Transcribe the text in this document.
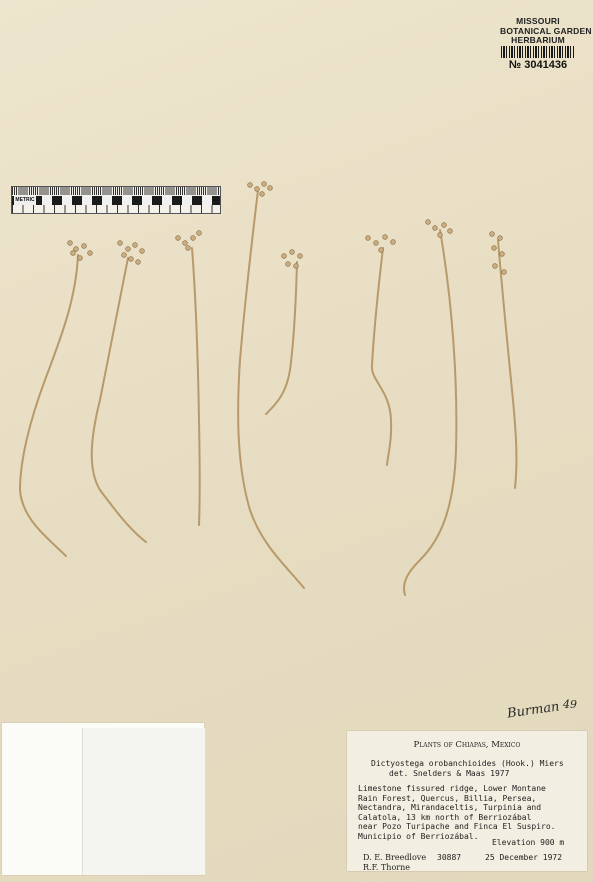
MISSOURI
BOTANICAL GARDEN
HERBARIUM
№ 3041436
METRIC	10
Burman 49
Plants of Chiapas, Mexico
Dictyostega orobanchioides (Hook.) Miers
det. Snelders & Maas 1977
Limestone fissured ridge, Lower Montane
Rain Forest, Quercus, Billia, Persea,
Nectandra, Mirandaceltis, Turpinia and
Calatola, 13 km north of Berriozábal
near Pozo Turipache and Finca El Suspiro.
Municipio of Berriozábal.
Elevation 900 m
D. E. Breedlove 30887	25 December 1972
R.F. Thorne
